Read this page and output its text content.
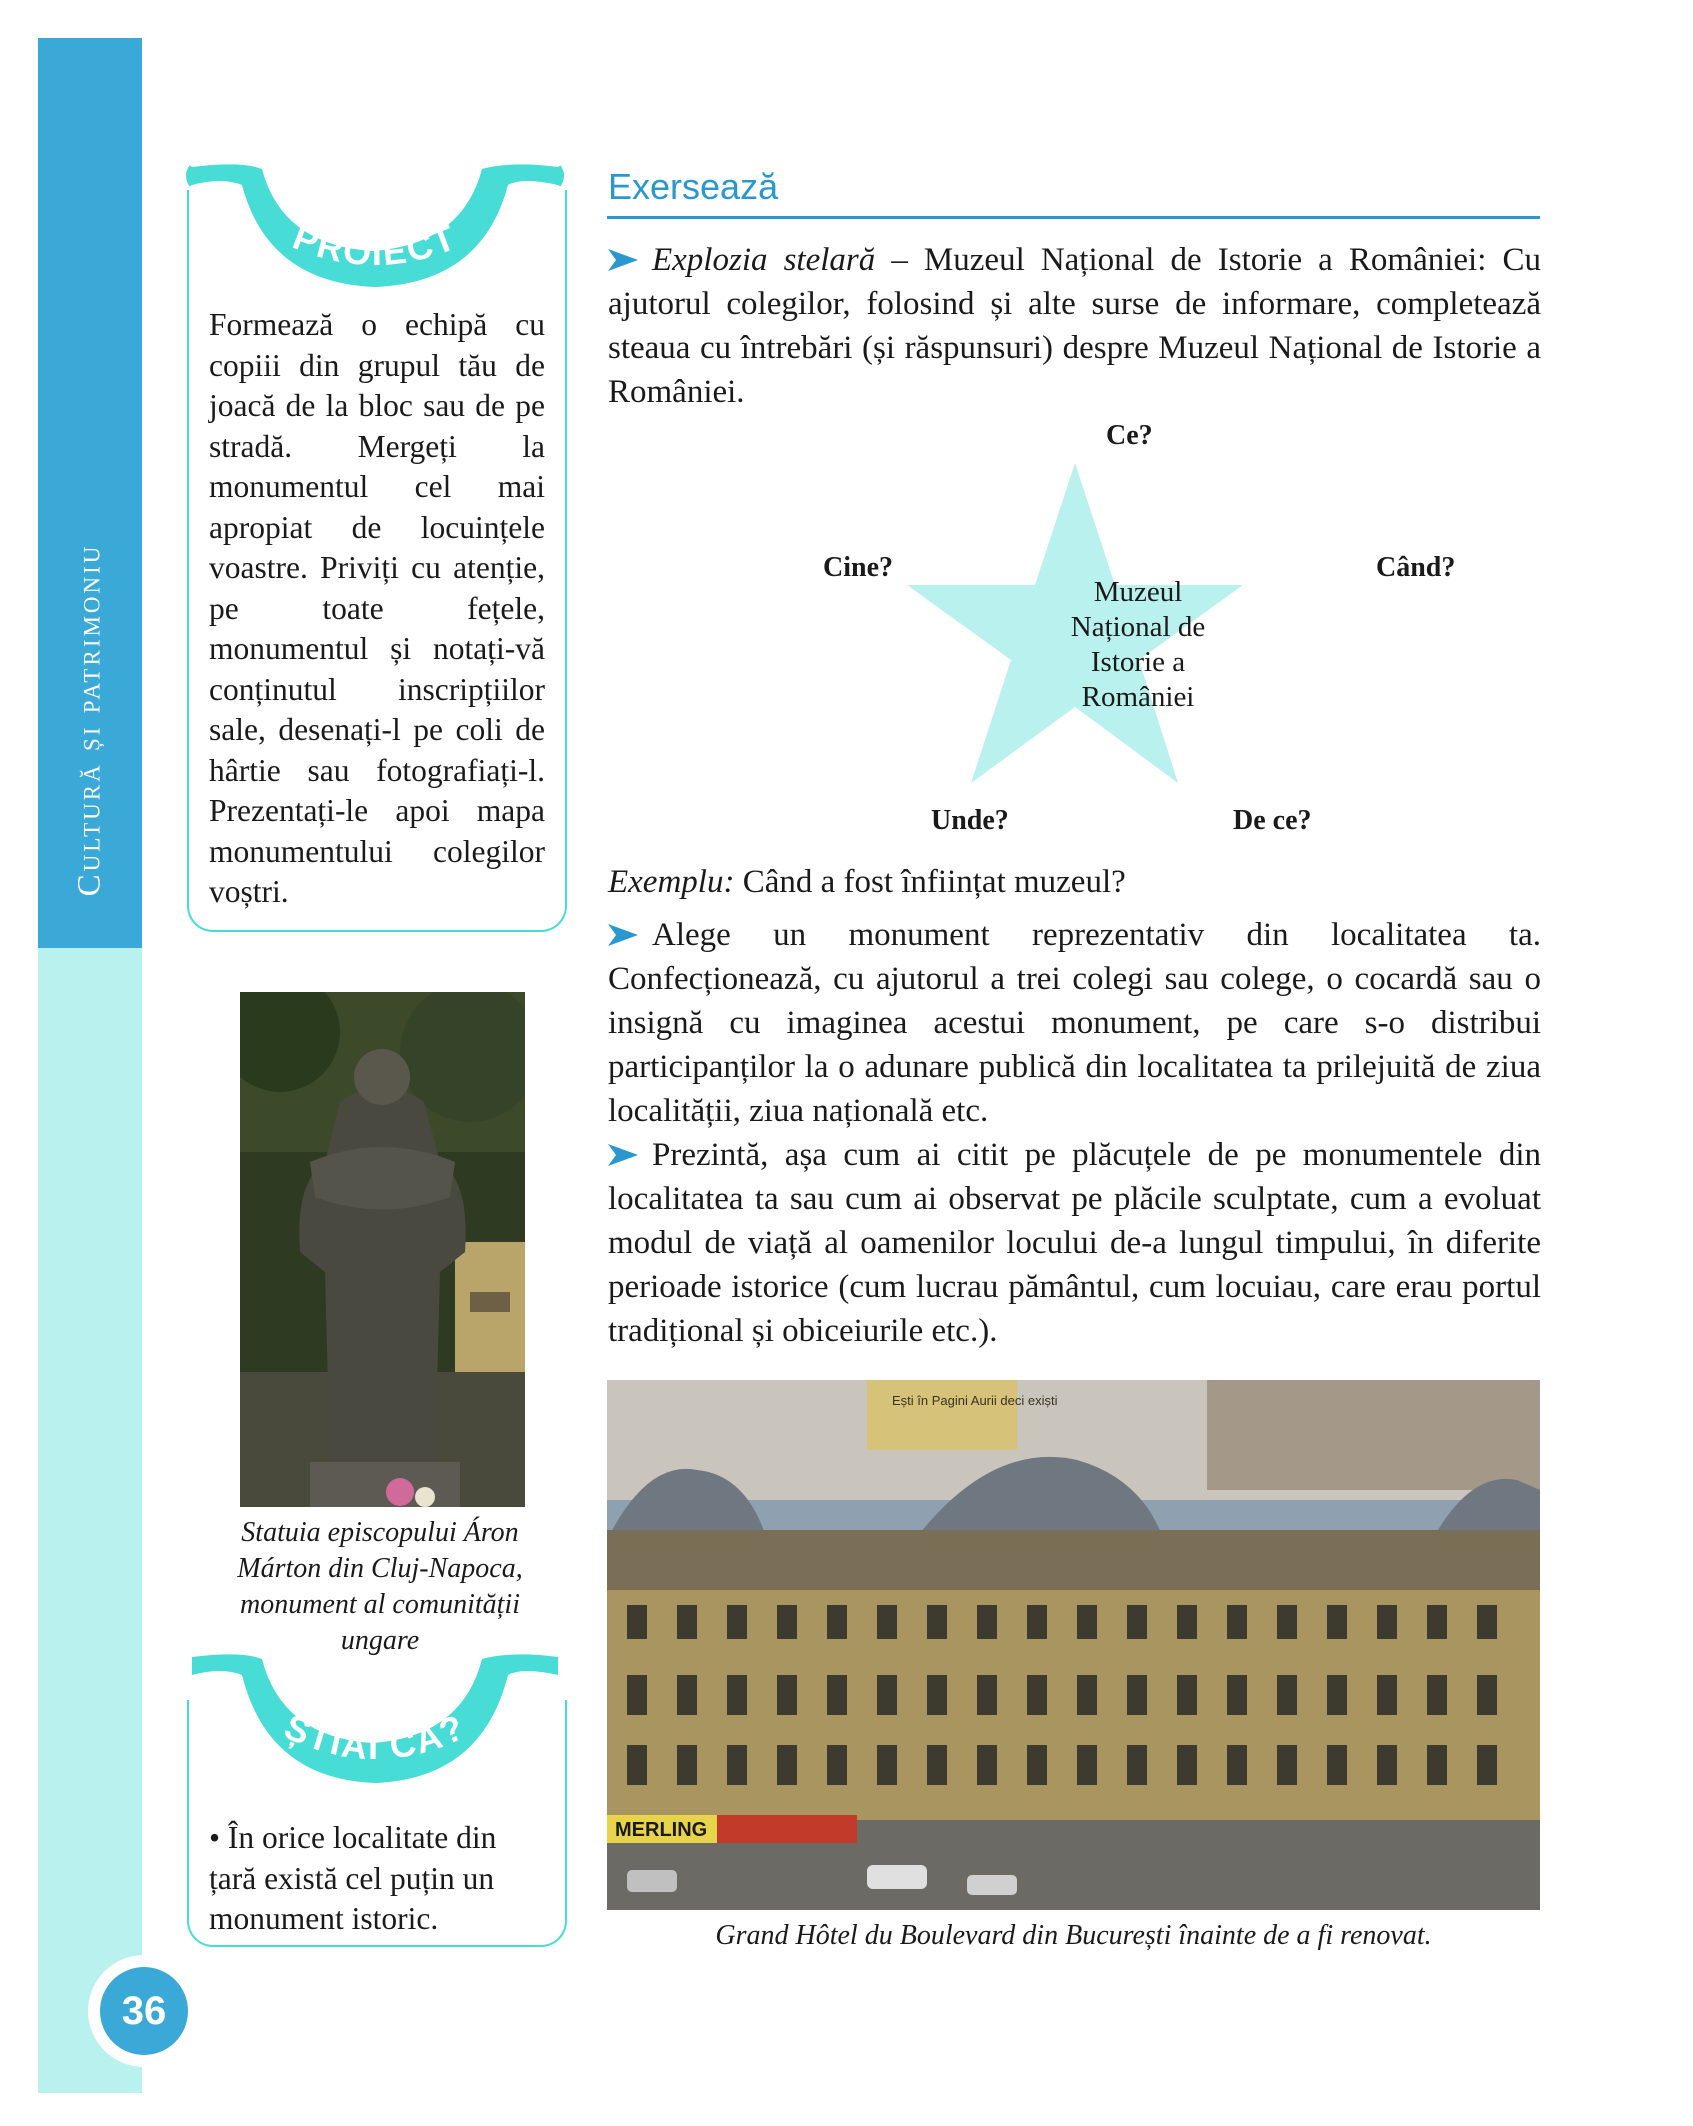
Cultură și patrimoniu
36
Formează o echipă cu copiii din grupul tău de joacă de la bloc sau de pe stradă. Mergeți la monumentul cel mai apropiat de locuințele voastre. Priviți cu atenție, pe toate fețele, monumentul și notați-vă conținutul inscripțiilor sale, desenați-l pe coli de hârtie sau fotografiați-l. Prezentați-le apoi mapa monumentului colegilor voștri.
PROIECT
Statuia episcopului Áron Márton din Cluj-Napoca, monument al comunității ungare
• În orice localitate din țară există cel puțin un monument istoric.
ȘTIAI CĂ?
Exersează
Explozia stelară – Muzeul Național de Istorie a României: Cu ajutorul colegilor, folosind și alte surse de informare, completează steaua cu întrebări (și răspunsuri) despre Muzeul Național de Istorie a României.
Ce?
Cine?	Când?
Unde?	De ce?
Muzeul Național de Istorie a României
Exemplu: Când a fost înființat muzeul?
Alege un monument reprezentativ din localitatea ta. Confecționează, cu ajutorul a trei colegi sau colege, o cocardă sau o insignă cu imaginea acestui monument, pe care s-o distribui participanților la o adunare publică din localitatea ta prilejuită de ziua localității, ziua națională etc.
Prezintă, așa cum ai citit pe plăcuțele de pe monumentele din localitatea ta sau cum ai observat pe plăcile sculptate, cum a evoluat modul de viață al oamenilor locului de-a lungul timpului, în diferite perioade istorice (cum lucrau pământul, cum locuiau, care erau portul tradițional și obiceiurile etc.).
Ești în Pagini Aurii deci exiști
MERLING
Grand Hôtel du Boulevard din București înainte de a fi renovat.
